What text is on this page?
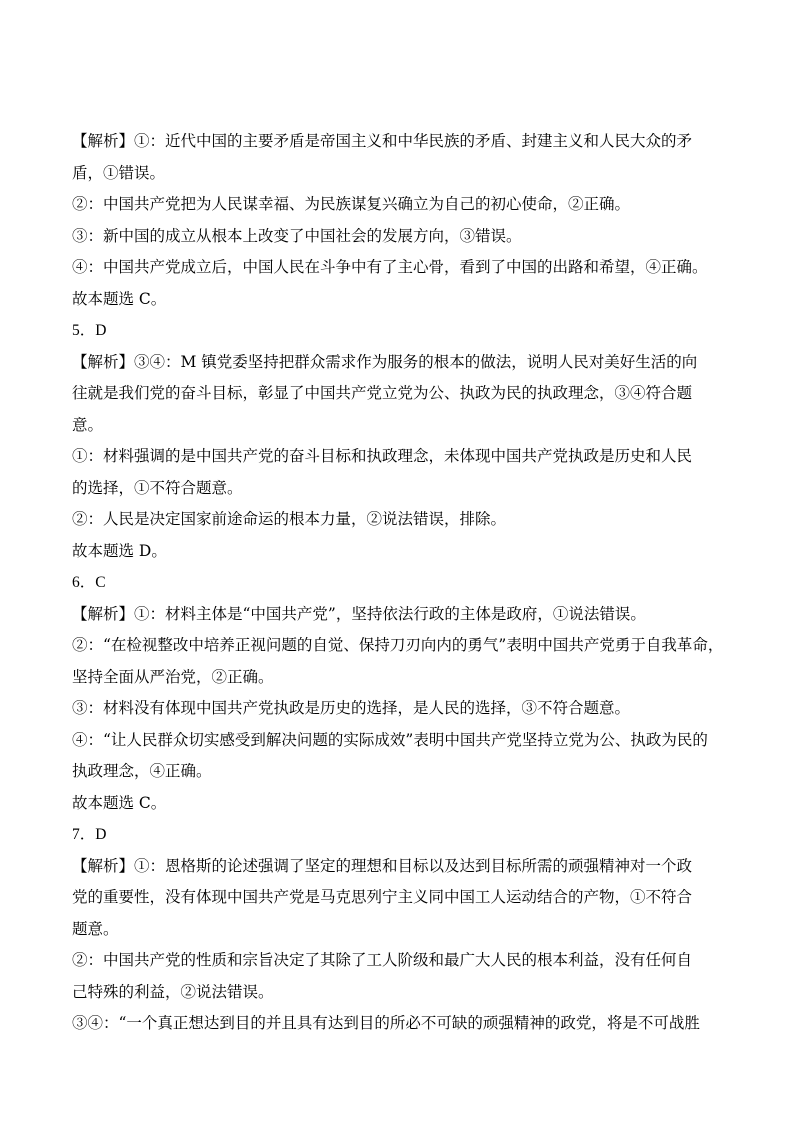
【解析】①：近代中国的主要矛盾是帝国主义和中华民族的矛盾、封建主义和人民大众的矛
盾，①错误。
②：中国共产党把为人民谋幸福、为民族谋复兴确立为自己的初心使命，②正确。
③：新中国的成立从根本上改变了中国社会的发展方向，③错误。
④：中国共产党成立后，中国人民在斗争中有了主心骨，看到了中国的出路和希望，④正确。
故本题选 C。
5．D
【解析】③④：M 镇党委坚持把群众需求作为服务的根本的做法，说明人民对美好生活的向
往就是我们党的奋斗目标，彰显了中国共产党立党为公、执政为民的执政理念，③④符合题
意。
①：材料强调的是中国共产党的奋斗目标和执政理念，未体现中国共产党执政是历史和人民
的选择，①不符合题意。
②：人民是决定国家前途命运的根本力量，②说法错误，排除。
故本题选 D。
6．C
【解析】①：材料主体是“中国共产党”，坚持依法行政的主体是政府，①说法错误。
②：“在检视整改中培养正视问题的自觉、保持刀刃向内的勇气”表明中国共产党勇于自我革命，
坚持全面从严治党，②正确。
③：材料没有体现中国共产党执政是历史的选择，是人民的选择，③不符合题意。
④：“让人民群众切实感受到解决问题的实际成效”表明中国共产党坚持立党为公、执政为民的
执政理念，④正确。
故本题选 C。
7．D
【解析】①：恩格斯的论述强调了坚定的理想和目标以及达到目标所需的顽强精神对一个政
党的重要性，没有体现中国共产党是马克思列宁主义同中国工人运动结合的产物，①不符合
题意。
②：中国共产党的性质和宗旨决定了其除了工人阶级和最广大人民的根本利益，没有任何自
己特殊的利益，②说法错误。
③④：“一个真正想达到目的并且具有达到目的所必不可缺的顽强精神的政党，将是不可战胜
